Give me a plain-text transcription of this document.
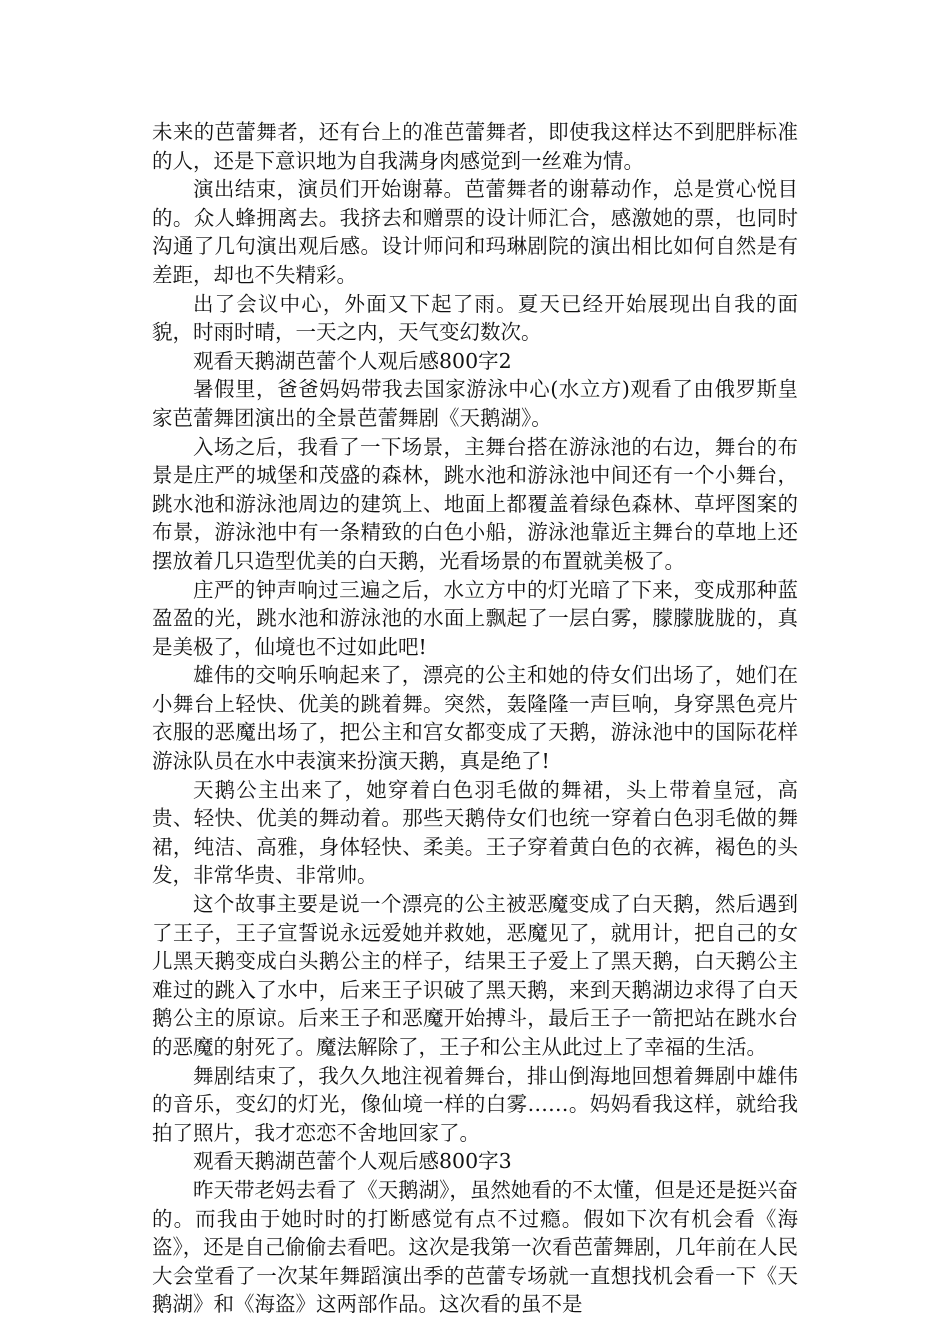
未来的芭蕾舞者，还有台上的准芭蕾舞者，即使我这样达不到肥胖标准的人，还是下意识地为自我满身肉感觉到一丝难为情。

演出结束，演员们开始谢幕。芭蕾舞者的谢幕动作，总是赏心悦目的。众人蜂拥离去。我挤去和赠票的设计师汇合，感激她的票，也同时沟通了几句演出观后感。设计师问和玛琳剧院的演出相比如何自然是有差距，却也不失精彩。

出了会议中心，外面又下起了雨。夏天已经开始展现出自我的面貌，时雨时晴，一天之内，天气变幻数次。

观看天鹅湖芭蕾个人观后感800字2

暑假里，爸爸妈妈带我去国家游泳中心(水立方)观看了由俄罗斯皇家芭蕾舞团演出的全景芭蕾舞剧《天鹅湖》。

入场之后，我看了一下场景，主舞台搭在游泳池的右边，舞台的布景是庄严的城堡和茂盛的森林，跳水池和游泳池中间还有一个小舞台，跳水池和游泳池周边的建筑上、地面上都覆盖着绿色森林、草坪图案的布景，游泳池中有一条精致的白色小船，游泳池靠近主舞台的草地上还摆放着几只造型优美的白天鹅，光看场景的布置就美极了。

庄严的钟声响过三遍之后，水立方中的灯光暗了下来，变成那种蓝盈盈的光，跳水池和游泳池的水面上飘起了一层白雾，朦朦胧胧的，真是美极了，仙境也不过如此吧!

雄伟的交响乐响起来了，漂亮的公主和她的侍女们出场了，她们在小舞台上轻快、优美的跳着舞。突然，轰隆隆一声巨响，身穿黑色亮片衣服的恶魔出场了，把公主和宫女都变成了天鹅，游泳池中的国际花样游泳队员在水中表演来扮演天鹅，真是绝了!

天鹅公主出来了，她穿着白色羽毛做的舞裙，头上带着皇冠，高贵、轻快、优美的舞动着。那些天鹅侍女们也统一穿着白色羽毛做的舞裙，纯洁、高雅，身体轻快、柔美。王子穿着黄白色的衣裤，褐色的头发，非常华贵、非常帅。

这个故事主要是说一个漂亮的公主被恶魔变成了白天鹅，然后遇到了王子，王子宣誓说永远爱她并救她，恶魔见了，就用计，把自己的女儿黑天鹅变成白头鹅公主的样子，结果王子爱上了黑天鹅，白天鹅公主难过的跳入了水中，后来王子识破了黑天鹅，来到天鹅湖边求得了白天鹅公主的原谅。后来王子和恶魔开始搏斗，最后王子一箭把站在跳水台的恶魔的射死了。魔法解除了，王子和公主从此过上了幸福的生活。

舞剧结束了，我久久地注视着舞台，排山倒海地回想着舞剧中雄伟的音乐，变幻的灯光，像仙境一样的白雾……。妈妈看我这样，就给我拍了照片，我才恋恋不舍地回家了。

观看天鹅湖芭蕾个人观后感800字3

昨天带老妈去看了《天鹅湖》，虽然她看的不太懂，但是还是挺兴奋的。而我由于她时时的打断感觉有点不过瘾。假如下次有机会看《海盗》，还是自己偷偷去看吧。这次是我第一次看芭蕾舞剧，几年前在人民大会堂看了一次某年舞蹈演出季的芭蕾专场就一直想找机会看一下《天鹅湖》和《海盗》这两部作品。这次看的虽不是
